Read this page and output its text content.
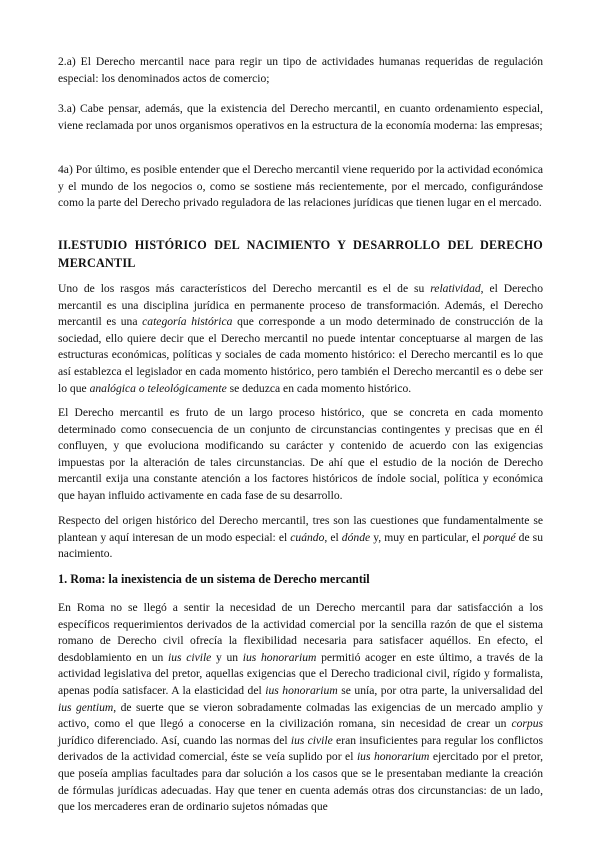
2.a) El Derecho mercantil nace para regir un tipo de actividades humanas requeridas de regulación especial: los denominados actos de comercio;

3.a) Cabe pensar, además, que la existencia del Derecho mercantil, en cuanto ordenamiento especial, viene reclamada por unos organismos operativos en la estructura de la economía moderna: las empresas;

4a) Por último, es posible entender que el Derecho mercantil viene requerido por la actividad económica y el mundo de los negocios o, como se sostiene más recientemente, por el mercado, configurándose como la parte del Derecho privado reguladora de las relaciones jurídicas que tienen lugar en el mercado.

II.ESTUDIO HISTÓRICO DEL NACIMIENTO Y DESARROLLO DEL DERECHO MERCANTIL

Uno de los rasgos más característicos del Derecho mercantil es el de su relatividad, el Derecho mercantil es una disciplina jurídica en permanente proceso de transformación. Además, el Derecho mercantil es una categoría histórica que corresponde a un modo determinado de construcción de la sociedad, ello quiere decir que el Derecho mercantil no puede intentar conceptuarse al margen de las estructuras económicas, políticas y sociales de cada momento histórico: el Derecho mercantil es lo que así establezca el legislador en cada momento histórico, pero también el Derecho mercantil es o debe ser lo que analógica o teleológicamente se deduzca en cada momento histórico.

El Derecho mercantil es fruto de un largo proceso histórico, que se concreta en cada momento determinado como consecuencia de un conjunto de circunstancias contingentes y precisas que en él confluyen, y que evoluciona modificando su carácter y contenido de acuerdo con las exigencias impuestas por la alteración de tales circunstancias. De ahí que el estudio de la noción de Derecho mercantil exija una constante atención a los factores históricos de índole social, política y económica que hayan influido activamente en cada fase de su desarrollo.

Respecto del origen histórico del Derecho mercantil, tres son las cuestiones que fundamentalmente se plantean y aquí interesan de un modo especial: el cuándo, el dónde y, muy en particular, el porqué de su nacimiento.

1. Roma: la inexistencia de un sistema de Derecho mercantil

En Roma no se llegó a sentir la necesidad de un Derecho mercantil para dar satisfacción a los específicos requerimientos derivados de la actividad comercial por la sencilla razón de que el sistema romano de Derecho civil ofrecía la flexibilidad necesaria para satisfacer aquéllos. En efecto, el desdoblamiento en un ius civile y un ius honorarium permitió acoger en este último, a través de la actividad legislativa del pretor, aquellas exigencias que el Derecho tradicional civil, rígido y formalista, apenas podía satisfacer. A la elasticidad del ius honorarium se unía, por otra parte, la universalidad del ius gentium, de suerte que se vieron sobradamente colmadas las exigencias de un mercado amplio y activo, como el que llegó a conocerse en la civilización romana, sin necesidad de crear un corpus jurídico diferenciado. Así, cuando las normas del ius civile eran insuficientes para regular los conflictos derivados de la actividad comercial, éste se veía suplido por el ius honorarium ejercitado por el pretor, que poseía amplias facultades para dar solución a los casos que se le presentaban mediante la creación de fórmulas jurídicas adecuadas. Hay que tener en cuenta además otras dos circunstancias: de un lado, que los mercaderes eran de ordinario sujetos nómadas que
